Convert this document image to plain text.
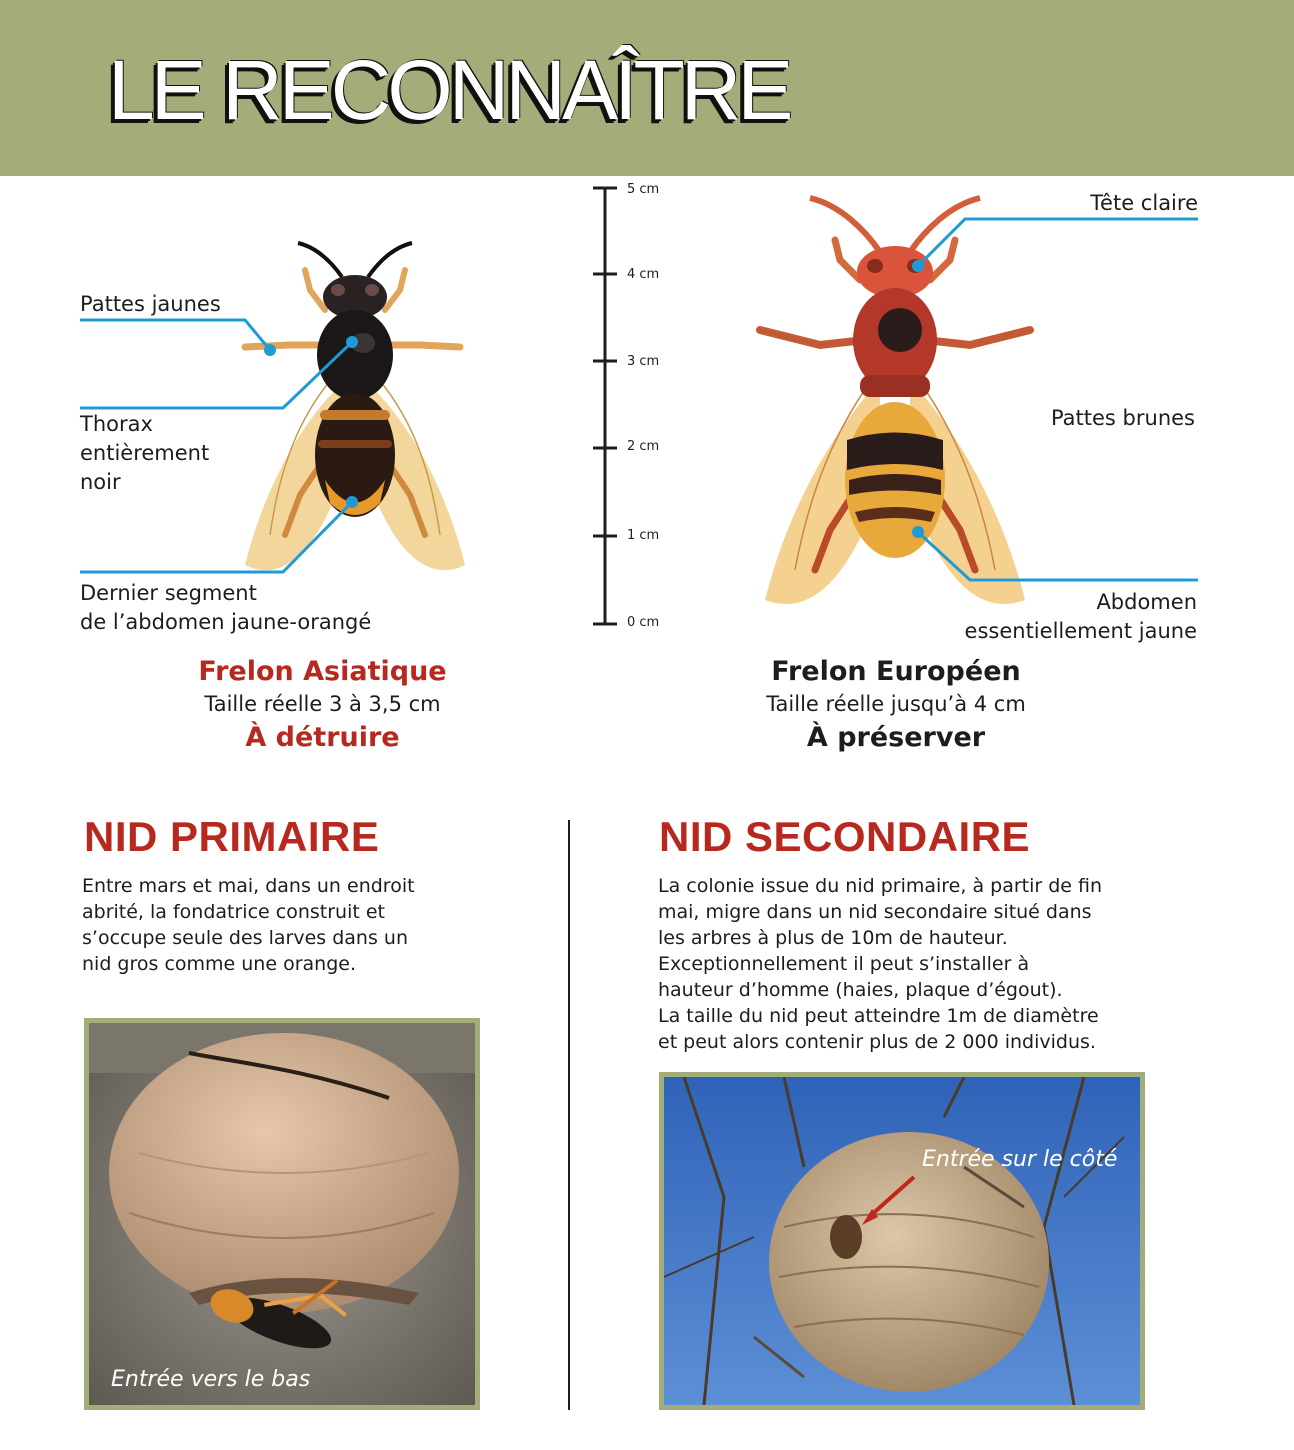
LE RECONNAÎTRE
Pattes jaunes
Thorax
entièrement
noir
Dernier segment
de l’abdomen jaune-orangé
Frelon Asiatique
Taille réelle 3 à 3,5 cm
À détruire
5 cm
4 cm
3 cm
2 cm
1 cm
0 cm
Tête claire
Pattes brunes
Abdomen
essentiellement jaune
Frelon Européen
Taille réelle jusqu’à 4 cm
À préserver
NID PRIMAIRE
Entre mars et mai, dans un endroit
abrité, la fondatrice construit et
s’occupe seule des larves dans un
nid gros comme une orange.
Entrée vers le bas
NID SECONDAIRE
La colonie issue du nid primaire, à partir de fin
mai, migre dans un nid secondaire situé dans
les arbres à plus de 10m de hauteur.
Exceptionnellement il peut s’installer à
hauteur d’homme (haies, plaque d’égout).
La taille du nid peut atteindre 1m de diamètre
et peut alors contenir plus de 2 000 individus.
Entrée sur le côté
